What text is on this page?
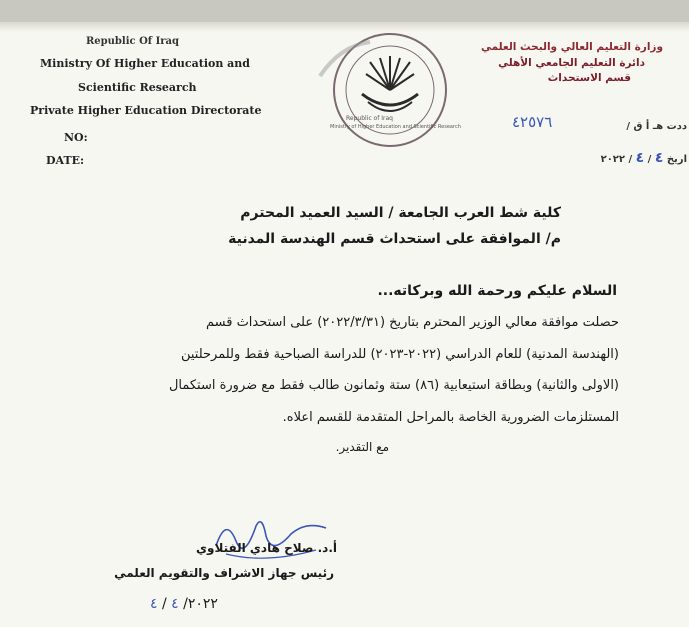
Republic Of Iraq
Ministry Of Higher Education and
Scientific Research
Private Higher Education Directorate
NO:
DATE:
Republic of Iraq
Ministry of Higher Education and Scientific Research
وزارة التعليم العالي والبحث العلمي
دائرة التعليم الجامعي الأهلي
قسم الاستحداث
ددت هـ أ ق /
٤٢٥٧٦
اريخ ٤ / ٤ / ٢٠٢٢
كلية شط العرب الجامعة / السيد العميد المحترم
م/ الموافقة على استحداث قسم الهندسة المدنية
السلام عليكم ورحمة الله وبركاته...
حصلت موافقة معالي الوزير المحترم بتاريخ (٢٠٢٢/٣/٣١) على استحداث قسم
(الهندسة المدنية) للعام الدراسي (٢٠٢٢-٢٠٢٣) للدراسة الصباحية فقط وللمرحلتين
(الاولى والثانية) وبطاقة استيعابية (٨٦) ستة وثمانون طالب فقط مع ضرورة استكمال
المستلزمات الضرورية الخاصة بالمراحل المتقدمة للقسم اعلاه.
مع التقدير.
أ.د. صلاح هادي الفتلاوي
رئيس جهاز الاشراف والتقويم العلمي
٢٠٢٢/ ٤ / ٤
